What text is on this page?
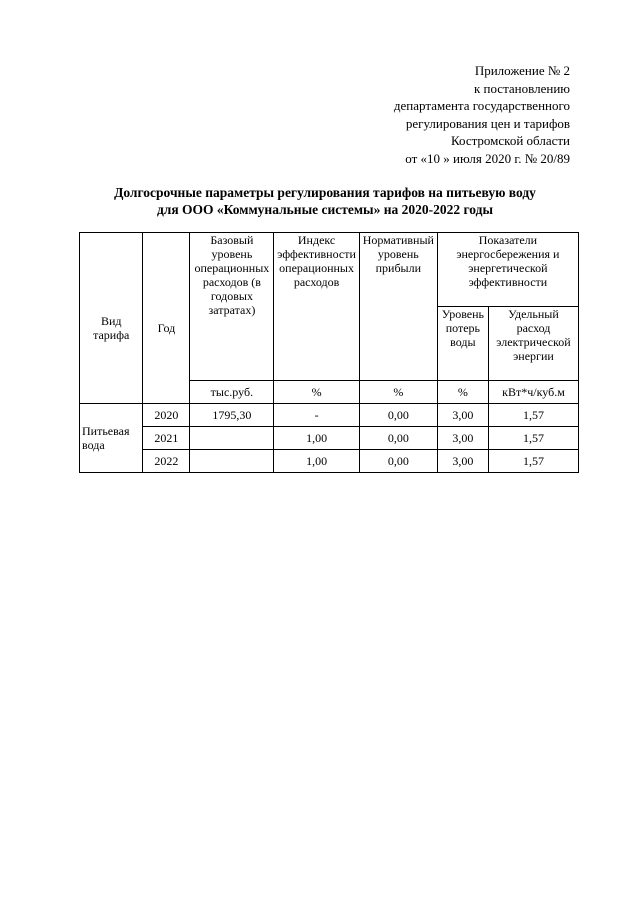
Приложение № 2
к постановлению
департамента государственного
регулирования цен и тарифов
Костромской области
от «10 » июля 2020 г. № 20/89
Долгосрочные параметры регулирования тарифов на питьевую воду
для ООО «Коммунальные системы» на 2020-2022 годы
Вид тарифа	Год	Базовый уровень операционных расходов (в годовых затратах)	Индекс эффективности операционных расходов	Нормативный уровень прибыли	Показатели энергосбережения и энергетической эффективности	
					Уровень потерь воды	Удельный расход электрической энергии
		тыс.руб.	%	%	%	кВт*ч/куб.м
Питьевая вода	2020	1795,30	-	0,00	3,00	1,57
	2021		1,00	0,00	3,00	1,57
	2022		1,00	0,00	3,00	1,57
